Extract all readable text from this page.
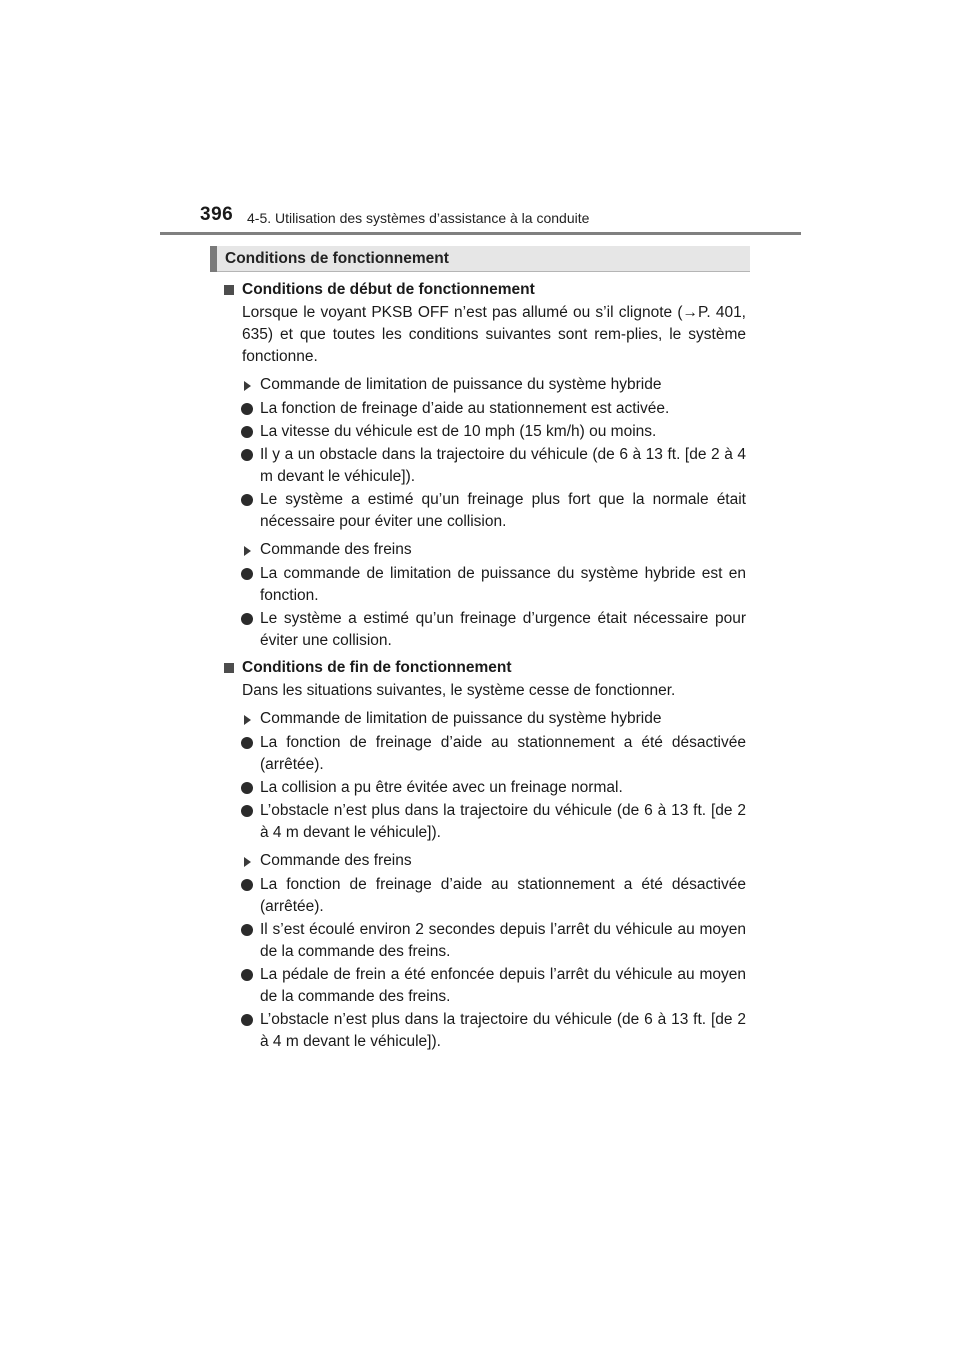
396 4-5. Utilisation des systèmes d’assistance à la conduite
Conditions de fonctionnement
Conditions de début de fonctionnement
Lorsque le voyant PKSB OFF n’est pas allumé ou s’il clignote (→P. 401, 635) et que toutes les conditions suivantes sont rem-plies, le système fonctionne.
Commande de limitation de puissance du système hybride
La fonction de freinage d’aide au stationnement est activée.
La vitesse du véhicule est de 10 mph (15 km/h) ou moins.
Il y a un obstacle dans la trajectoire du véhicule (de 6 à 13 ft. [de 2 à 4 m devant le véhicule]).
Le système a estimé qu’un freinage plus fort que la normale était nécessaire pour éviter une collision.
Commande des freins
La commande de limitation de puissance du système hybride est en fonction.
Le système a estimé qu’un freinage d’urgence était nécessaire pour éviter une collision.
Conditions de fin de fonctionnement
Dans les situations suivantes, le système cesse de fonctionner.
Commande de limitation de puissance du système hybride
La fonction de freinage d’aide au stationnement a été désactivée (arrêtée).
La collision a pu être évitée avec un freinage normal.
L’obstacle n’est plus dans la trajectoire du véhicule (de 6 à 13 ft. [de 2 à 4 m devant le véhicule]).
Commande des freins
La fonction de freinage d’aide au stationnement a été désactivée (arrêtée).
Il s’est écoulé environ 2 secondes depuis l’arrêt du véhicule au moyen de la commande des freins.
La pédale de frein a été enfoncée depuis l’arrêt du véhicule au moyen de la commande des freins.
L’obstacle n’est plus dans la trajectoire du véhicule (de 6 à 13 ft. [de 2 à 4 m devant le véhicule]).
